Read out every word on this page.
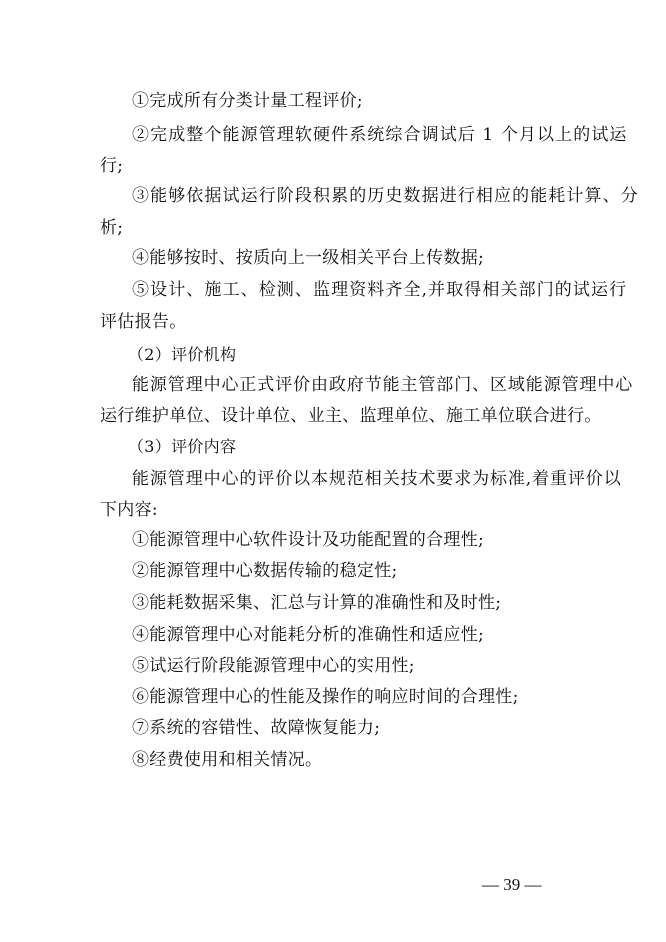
①完成所有分类计量工程评价;
②完成整个能源管理软硬件系统综合调试后 1 个月以上的试运
行;
③能够依据试运行阶段积累的历史数据进行相应的能耗计算、分
析;
④能够按时、按质向上一级相关平台上传数据;
⑤设计、施工、检测、监理资料齐全,并取得相关部门的试运行
评估报告。
（2）评价机构
能源管理中心正式评价由政府节能主管部门、区域能源管理中心
运行维护单位、设计单位、业主、监理单位、施工单位联合进行。
（3）评价内容
能源管理中心的评价以本规范相关技术要求为标准,着重评价以
下内容:
①能源管理中心软件设计及功能配置的合理性;
②能源管理中心数据传输的稳定性;
③能耗数据采集、汇总与计算的准确性和及时性;
④能源管理中心对能耗分析的准确性和适应性;
⑤试运行阶段能源管理中心的实用性;
⑥能源管理中心的性能及操作的响应时间的合理性;
⑦系统的容错性、故障恢复能力;
⑧经费使用和相关情况。
— 39 —
